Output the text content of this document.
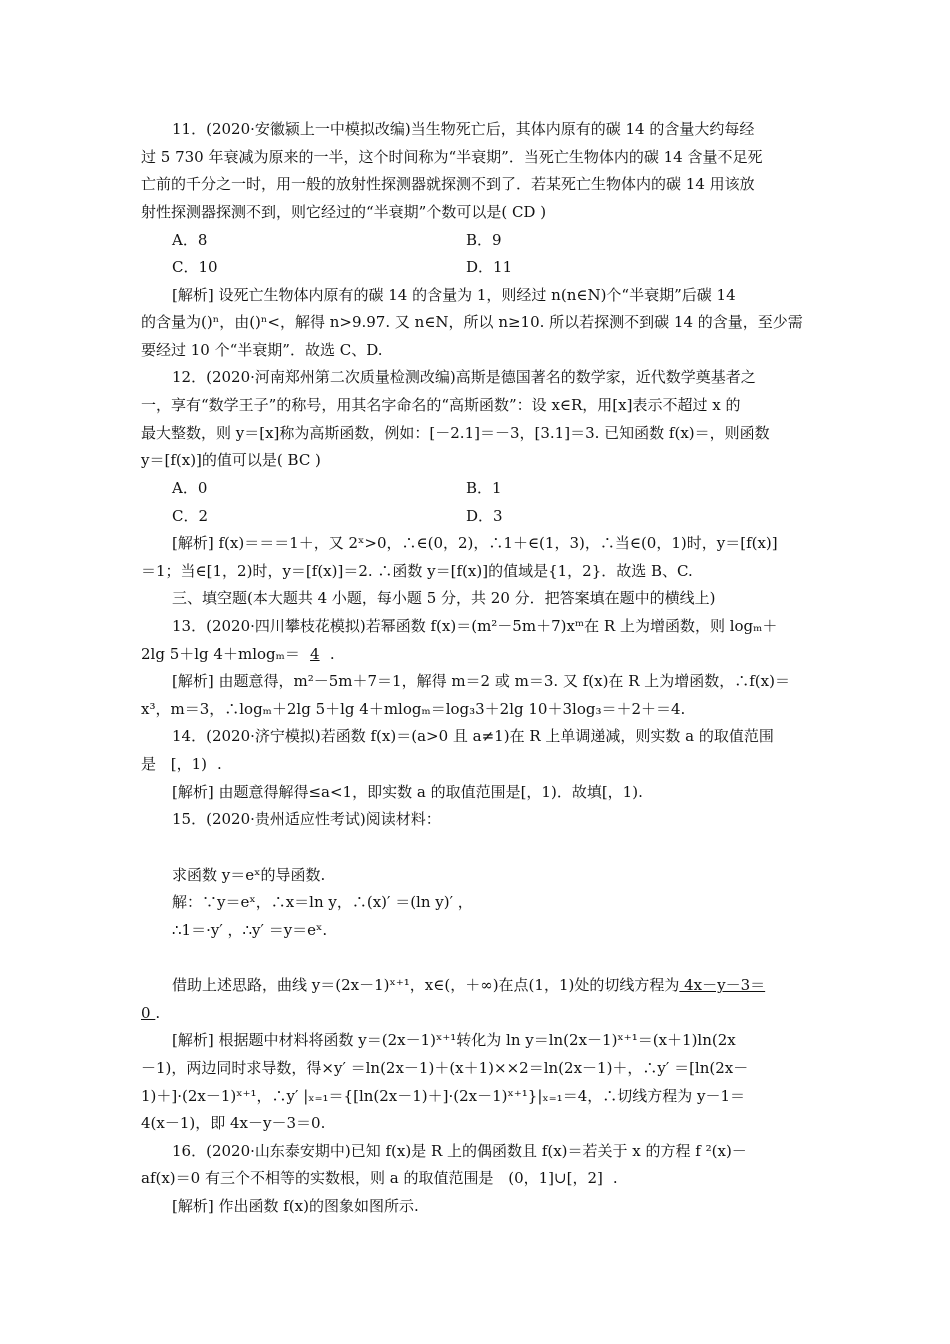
11．(2020·安徽颍上一中模拟改编)当生物死亡后，其体内原有的碳 14 的含量大约每经
过 5 730 年衰减为原来的一半，这个时间称为“半衰期”．当死亡生物体内的碳 14 含量不足死
亡前的千分之一时，用一般的放射性探测器就探测不到了．若某死亡生物体内的碳 14 用该放
射性探测器探测不到，则它经过的“半衰期”个数可以是( CD )
A．8	B．9
C．10	D．11
[解析] 设死亡生物体内原有的碳 14 的含量为 1，则经过 n(n∈N)个“半衰期”后碳 14
的含量为()ⁿ，由()ⁿ<，解得 n>9.97. 又 n∈N，所以 n≥10. 所以若探测不到碳 14 的含量，至少需
要经过 10 个“半衰期”．故选 C、D.
12．(2020·河南郑州第二次质量检测改编)高斯是德国著名的数学家，近代数学奠基者之
一，享有“数学王子”的称号，用其名字命名的“高斯函数”：设 x∈R，用[x]表示不超过 x 的
最大整数，则 y＝[x]称为高斯函数，例如：[－2.1]＝－3，[3.1]＝3. 已知函数 f(x)＝，则函数
y＝[f(x)]的值可以是( BC )
A．0	B．1
C．2	D．3
[解析] f(x)＝＝＝1＋，又 2ˣ>0，∴∈(0，2)，∴1＋∈(1，3)，∴当∈(0，1)时，y＝[f(x)]
＝1；当∈[1，2)时，y＝[f(x)]＝2. ∴函数 y＝[f(x)]的值域是{1，2}．故选 B、C.
三、填空题(本大题共 4 小题，每小题 5 分，共 20 分．把答案填在题中的横线上)
13．(2020·四川攀枝花模拟)若幂函数 f(x)＝(m²－5m＋7)xᵐ在 R 上为增函数，则 logₘ＋
2lg 5＋lg 4＋mlogₘ＝ 4 .
[解析] 由题意得，m²－5m＋7＝1，解得 m＝2 或 m＝3. 又 f(x)在 R 上为增函数，∴f(x)＝
x³，m＝3，∴logₘ＋2lg 5＋lg 4＋mlogₘ＝log₃3＋2lg 10＋3log₃＝＋2＋＝4.
14．(2020·济宁模拟)若函数 f(x)＝(a>0 且 a≠1)在 R 上单调递减，则实数 a 的取值范围
是 [，1) .
[解析] 由题意得解得≤a<1，即实数 a 的取值范围是[，1)．故填[，1).
15．(2020·贵州适应性考试)阅读材料：
求函数 y＝eˣ的导函数.
解：∵y＝eˣ，∴x＝ln y，∴(x)′ ＝(ln y)′ ，
∴1＝·y′ ，∴y′ ＝y＝eˣ.
借助上述思路，曲线 y＝(2x－1)ˣ⁺¹，x∈(，＋∞)在点(1，1)处的切线方程为 4x－y－3＝
0 .
[解析] 根据题中材料将函数 y＝(2x－1)ˣ⁺¹转化为 ln y＝ln(2x－1)ˣ⁺¹＝(x＋1)ln(2x
－1)，两边同时求导数，得×y′ ＝ln(2x－1)＋(x＋1)××2＝ln(2x－1)＋，∴y′ ＝[ln(2x－
1)＋]·(2x－1)ˣ⁺¹，∴y′ |ₓ₌₁＝{[ln(2x－1)＋]·(2x－1)ˣ⁺¹}|ₓ₌₁＝4，∴切线方程为 y－1＝
4(x－1)，即 4x－y－3＝0.
16．(2020·山东泰安期中)已知 f(x)是 R 上的偶函数且 f(x)＝若关于 x 的方程 f ²(x)－
af(x)＝0 有三个不相等的实数根，则 a 的取值范围是 (0，1]∪[，2] .
[解析] 作出函数 f(x)的图象如图所示.
